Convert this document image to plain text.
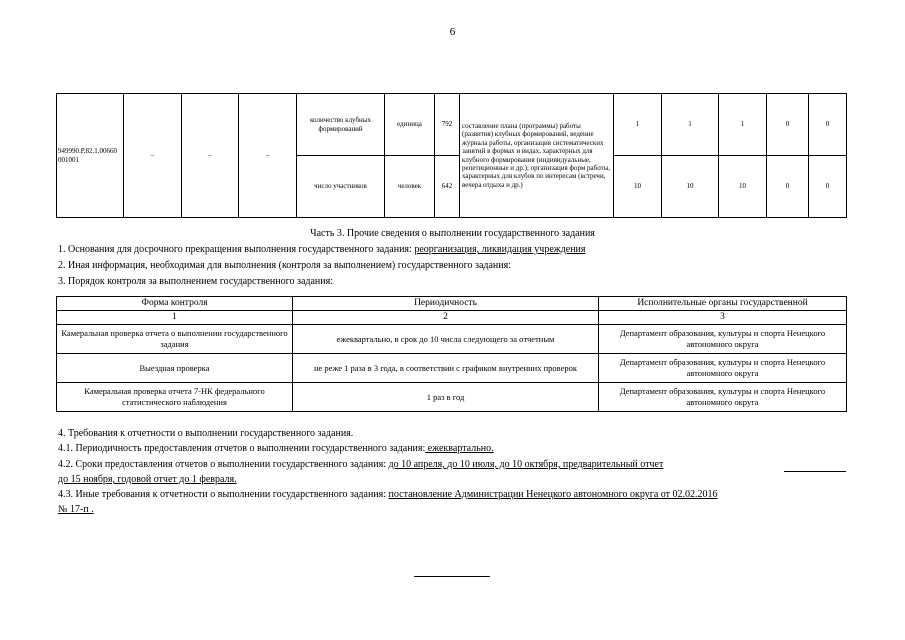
6
949990.Р.82.1.00660 001001	–	–	–	количество клубных формирований	единица	792	составление плана (программы) работы (развития) клубных формирований, ведение журнала работы, организация систематических занятий в формах и видах, характерных для клубного формирования (индивидуальные, репетиционные и др.); организация форм работы, характерных для клубов по интересам (встречи, вечера отдыха и др.)	1	1	1	0	0
				число участников	человек	642		10	10	10	0	0
Часть 3. Прочие сведения о выполнении государственного задания
1. Основания для досрочного прекращения выполнения государственного задания: реорганизация, ликвидация учреждения
2. Иная информация, необходимая для выполнения (контроля за выполнением) государственного задания:
3. Порядок контроля за выполнением государственного задания:
Форма контроля	Периодичность	Исполнительные органы государственной
1	2	3
Камеральная проверка отчета о выполнении государственного задания	ежеквартально, в срок до 10 числа следующего за отчетным	Департамент образования, культуры и спорта Ненецкого автономного округа
Выездная проверка	не реже 1 раза в 3 года, в соответствии с графиком внутренних проверок	Департамент образования, культуры и спорта Ненецкого автономного округа
Камеральная проверка отчета 7-НК федерального статистического наблюдения	1 раз в год	Департамент образования, культуры и спорта Ненецкого автономного округа
4. Требования к отчетности о выполнении государственного задания.
4.1. Периодичность предоставления отчетов о выполнении государственного задания: ежеквартально.
4.2. Сроки предоставления отчетов о выполнении государственного задания: до 10 апреля, до 10 июля, до 10 октября, предварительный отчет
до 15 ноября, годовой отчет до 1 февраля.
4.3. Иные требования к отчетности о выполнении государственного задания: постановление Администрации Ненецкого автономного округа от 02.02.2016
№ 17-п .
